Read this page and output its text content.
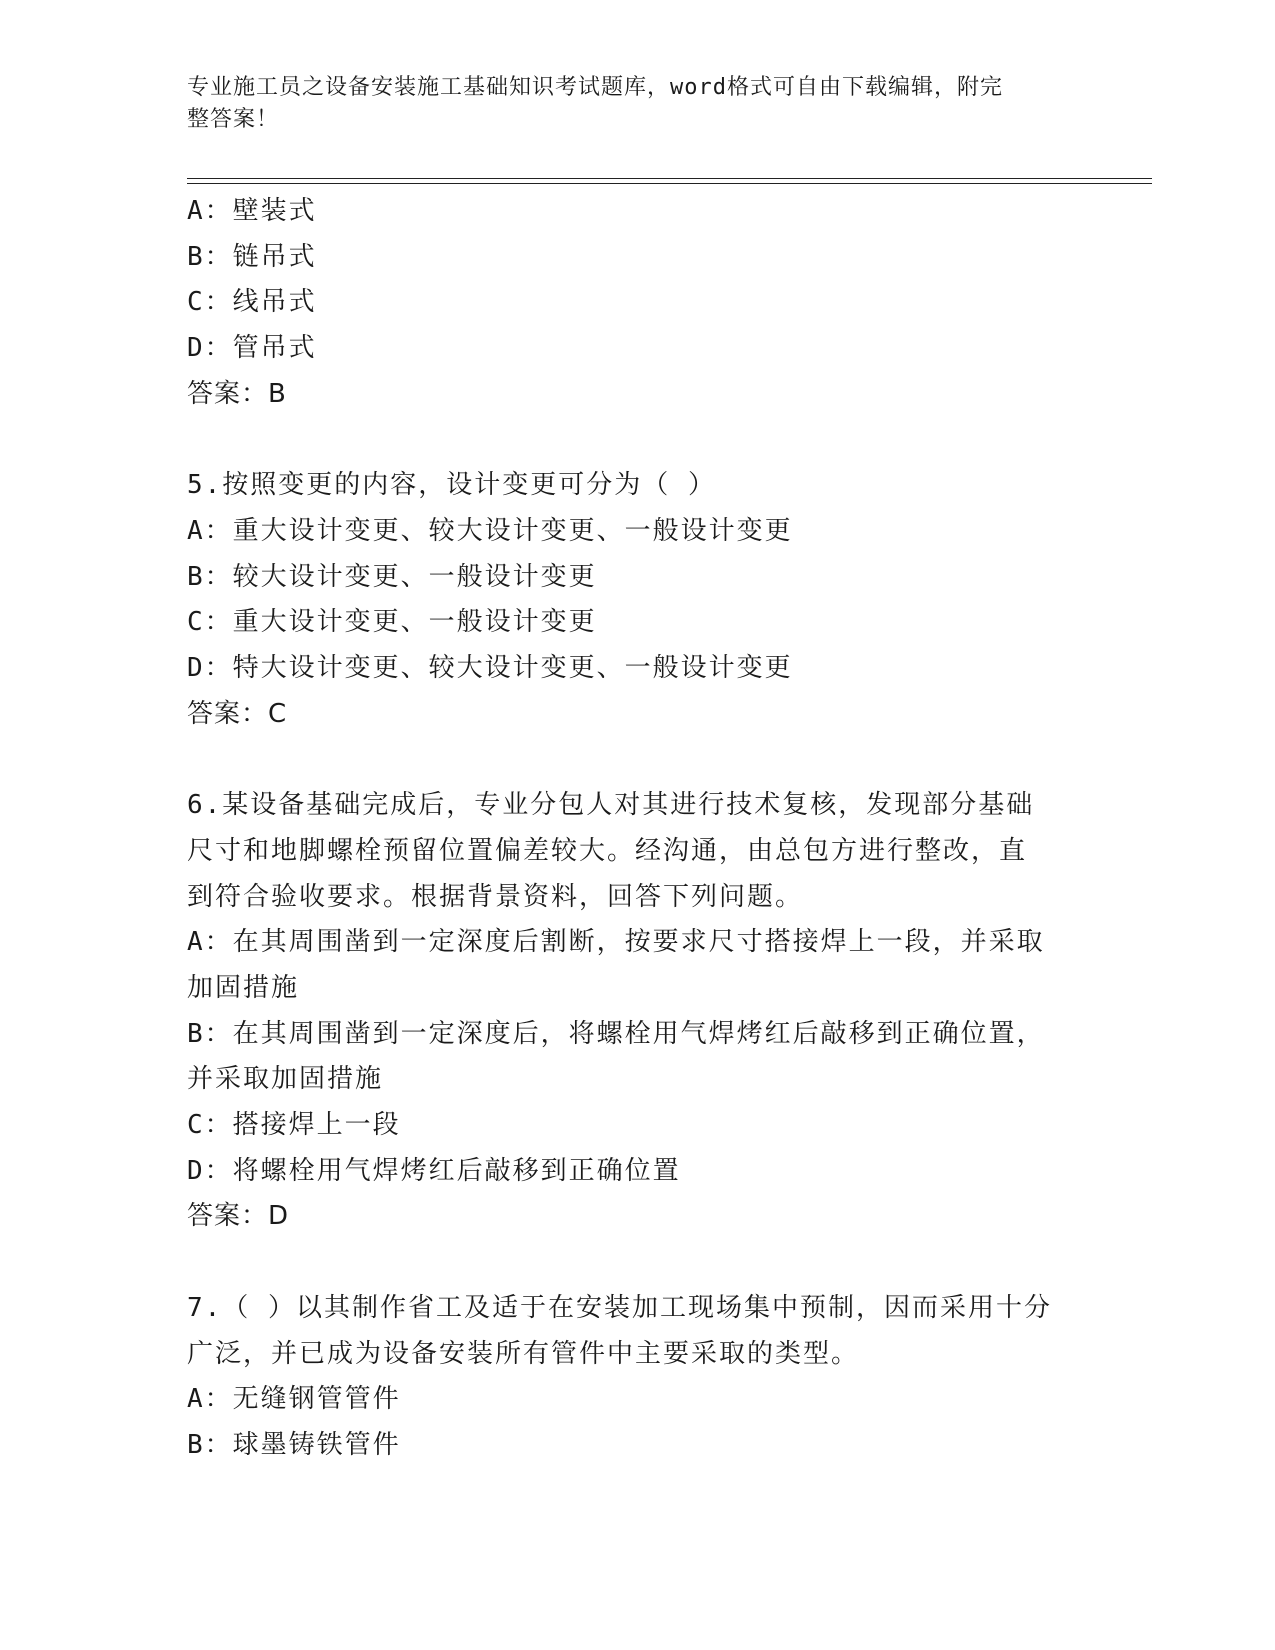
专业施工员之设备安装施工基础知识考试题库，word格式可自由下载编辑，附完
整答案！
A：壁装式
B：链吊式
C：线吊式
D：管吊式
答案：B
5.按照变更的内容，设计变更可分为（ ）
A：重大设计变更、较大设计变更、一般设计变更
B：较大设计变更、一般设计变更
C：重大设计变更、一般设计变更
D：特大设计变更、较大设计变更、一般设计变更
答案：C
6.某设备基础完成后，专业分包人对其进行技术复核，发现部分基础
尺寸和地脚螺栓预留位置偏差较大。经沟通，由总包方进行整改，直
到符合验收要求。根据背景资料，回答下列问题。
A：在其周围凿到一定深度后割断，按要求尺寸搭接焊上一段，并采取
加固措施
B：在其周围凿到一定深度后，将螺栓用气焊烤红后敲移到正确位置，
并采取加固措施
C：搭接焊上一段
D：将螺栓用气焊烤红后敲移到正确位置
答案：D
7.（ ）以其制作省工及适于在安装加工现场集中预制，因而采用十分
广泛，并已成为设备安装所有管件中主要采取的类型。
A：无缝钢管管件
B：球墨铸铁管件
